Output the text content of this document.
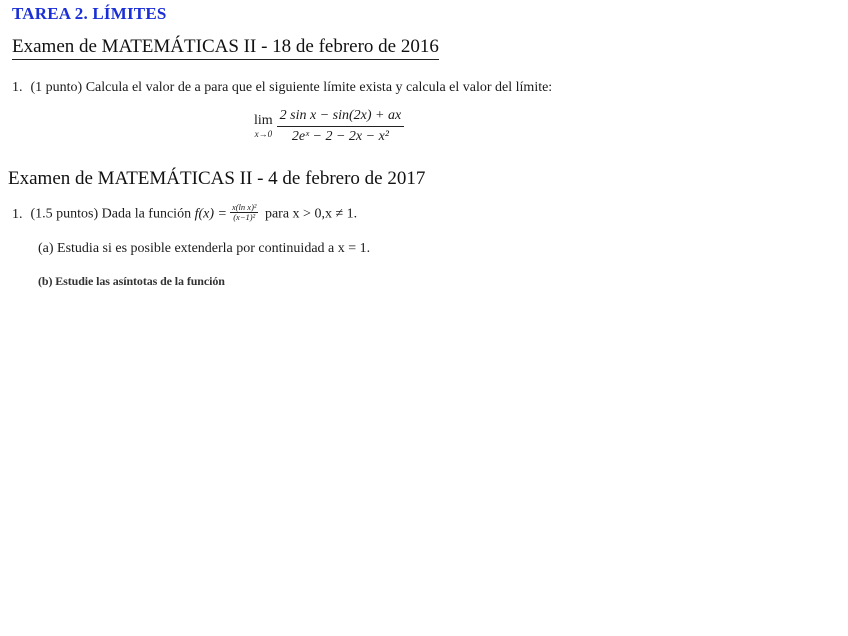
TAREA 2. LÍMITES
Examen de MATEMÁTICAS II - 18 de febrero de 2016
1. (1 punto) Calcula el valor de a para que el siguiente límite exista y calcula el valor del límite:
lim
$x\to 0 \frac{\text{2 sin x − sin(2x) + ax}}{\text{2eˣ − 2 − 2x − x²}}$
Examen de MATEMÁTICAS II - 4 de febrero de 2017
1. (1.5 puntos) Dada la función $f(x) = \frac{\text{x(ln x)²}}{\text{(x−1)²}}$ para x > 0,x ≠ 1.
(a) Estudia si es posible extenderla por continuidad a x = 1.
(b) Estudie las asíntotas de la función
